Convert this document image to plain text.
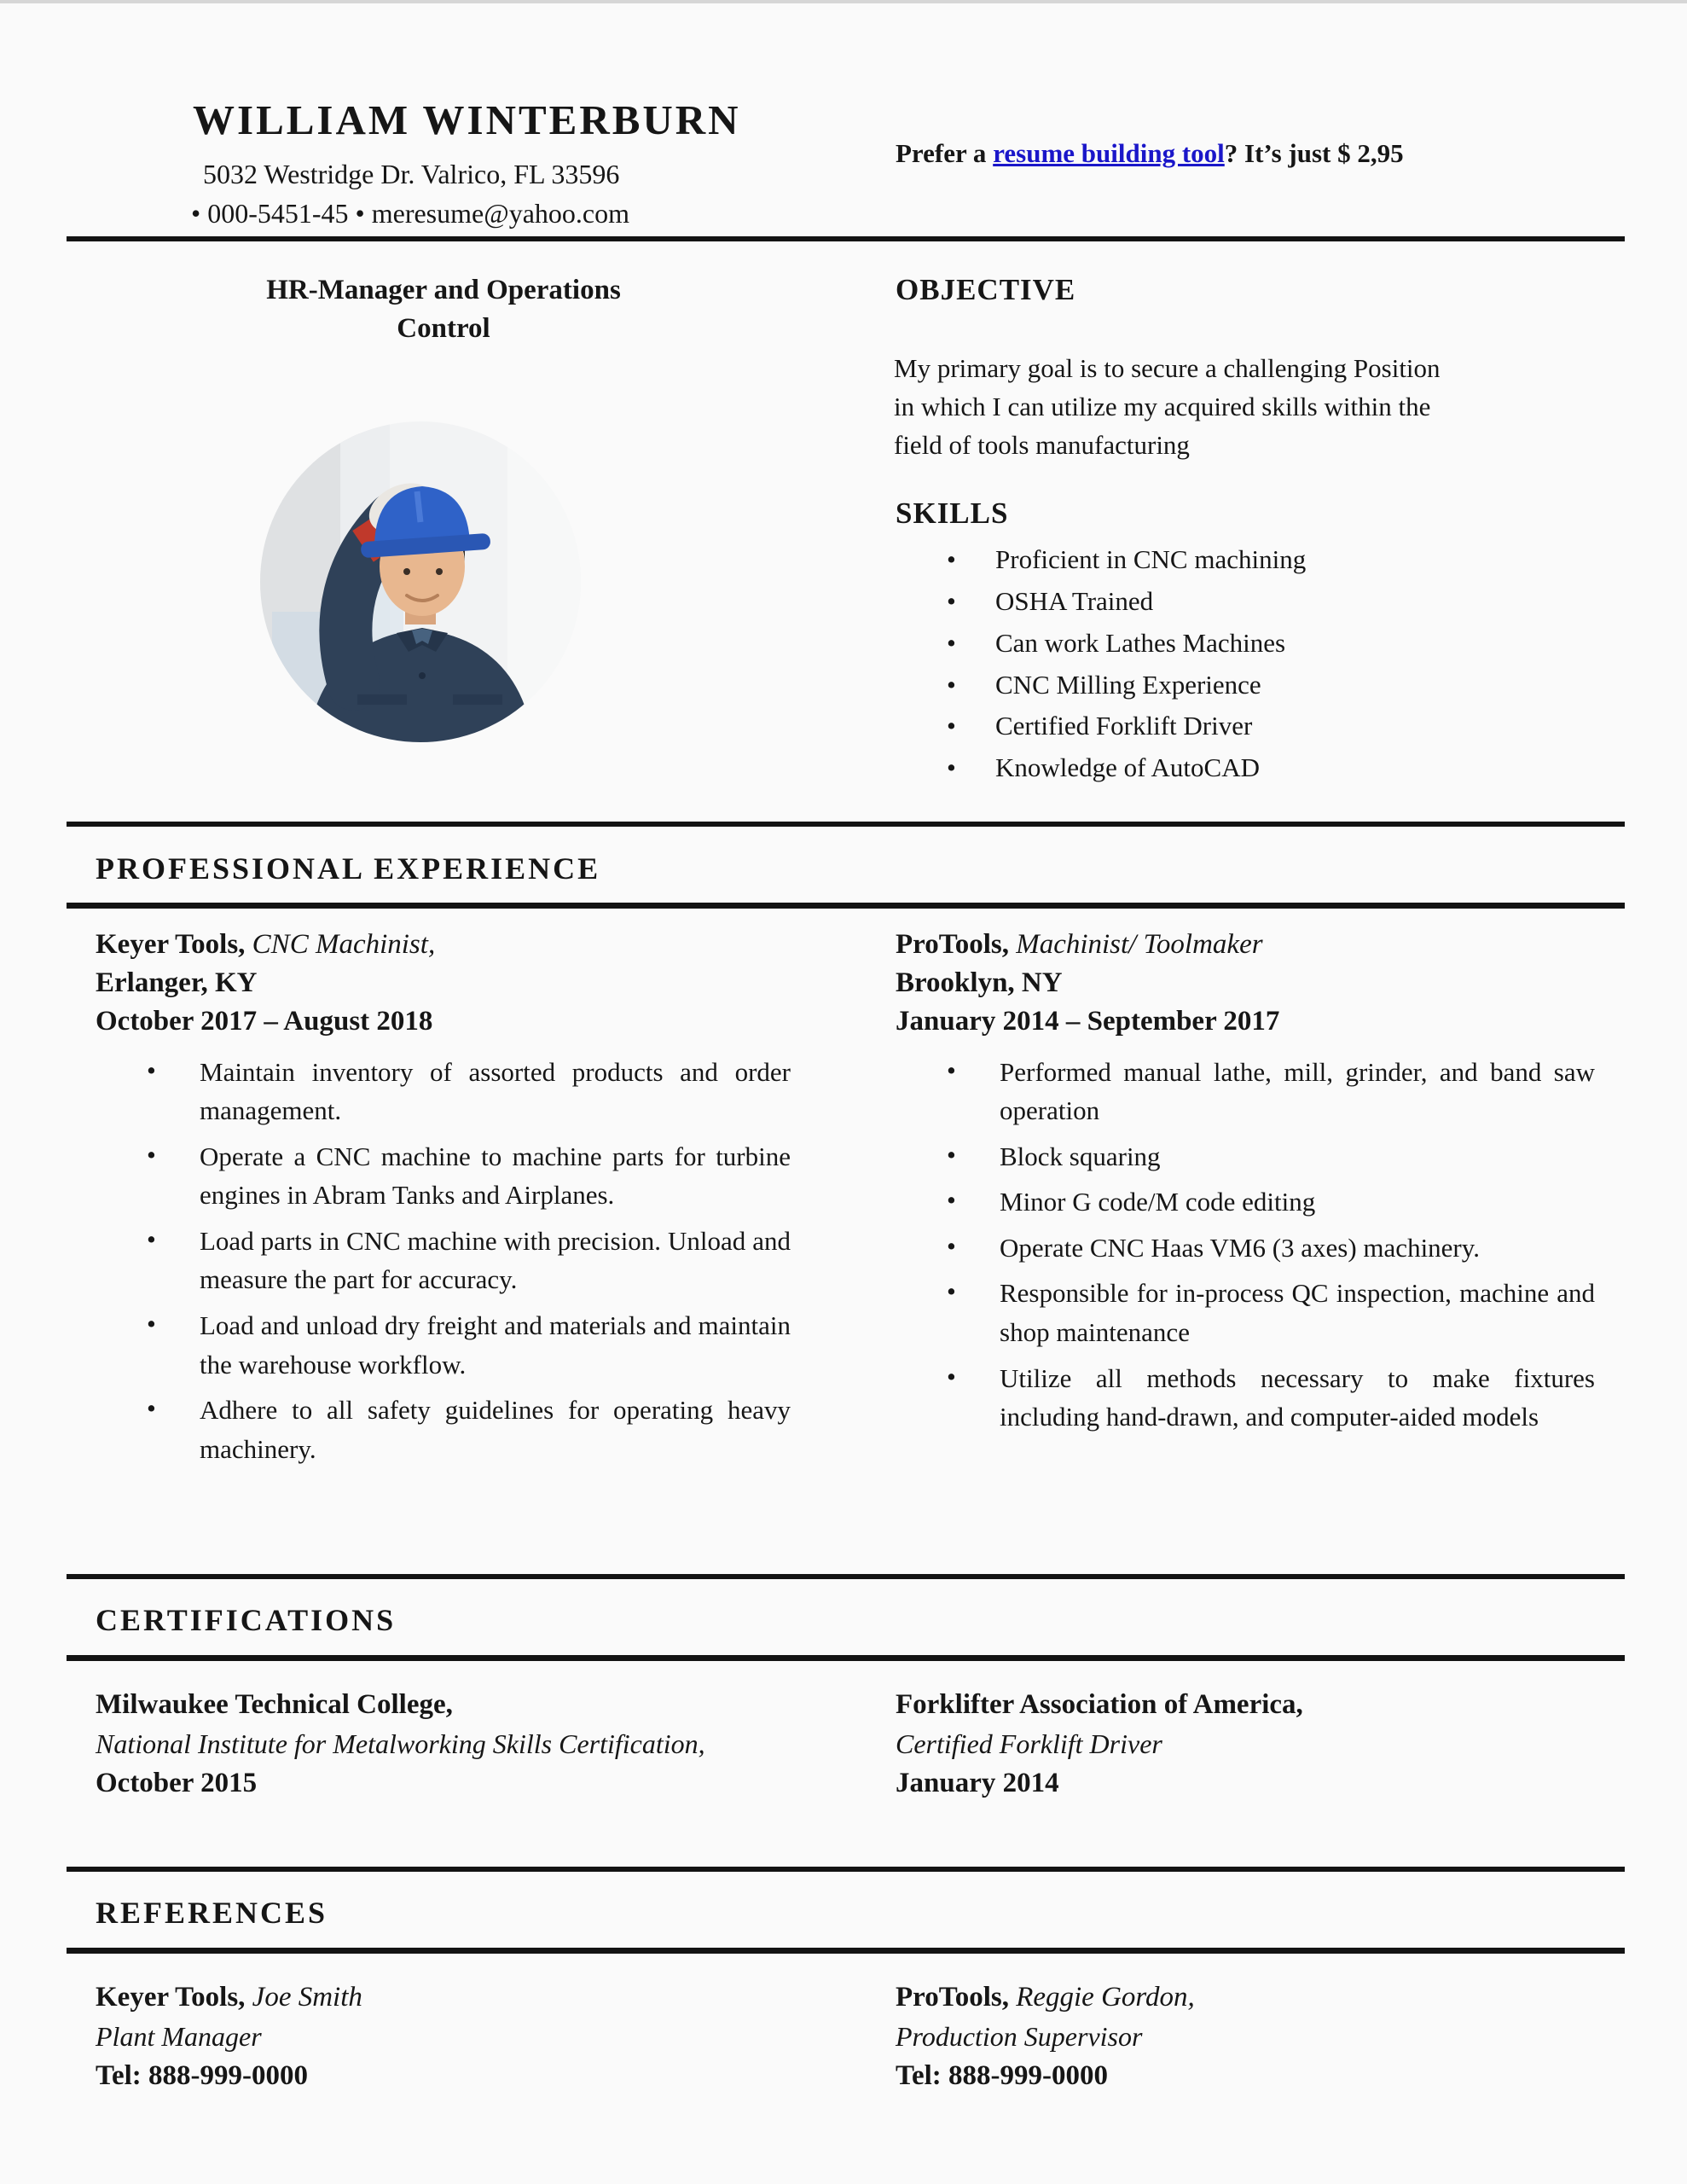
WILLIAM WINTERBURN
5032 Westridge Dr. Valrico, FL 33596
• 000-5451-45 • meresume@yahoo.com
Prefer a resume building tool? It’s just $ 2,95
HR-Manager and Operations
Control
OBJECTIVE
My primary goal is to secure a challenging Position in which I can utilize my acquired skills within the field of tools manufacturing
SKILLS
•	Proficient in CNC machining
•	OSHA Trained
•	Can work Lathes Machines
•	CNC Milling Experience
•	Certified Forklift Driver
•	Knowledge of AutoCAD
PROFESSIONAL EXPERIENCE
Keyer Tools, CNC Machinist,
Erlanger, KY
October 2017 – August 2018
•	Maintain inventory of assorted products and order management.
•	Operate a CNC machine to machine parts for turbine engines in Abram Tanks and Airplanes.
•	Load parts in CNC machine with precision. Unload and measure the part for accuracy.
•	Load and unload dry freight and materials and maintain the warehouse workflow.
•	Adhere to all safety guidelines for operating heavy machinery.
ProTools, Machinist/ Toolmaker
Brooklyn, NY
January 2014 – September 2017
•	Performed manual lathe, mill, grinder, and band saw operation
•	Block squaring
•	Minor G code/M code editing
•	Operate CNC Haas VM6 (3 axes) machinery.
•	Responsible for in-process QC inspection, machine and shop maintenance
•	Utilize all methods necessary to make fixtures including hand-drawn, and computer-aided models
CERTIFICATIONS
Milwaukee Technical College,
National Institute for Metalworking Skills Certification,
October 2015
Forklifter Association of America,
Certified Forklift Driver
January 2014
REFERENCES
Keyer Tools, Joe Smith
Plant Manager
Tel: 888-999-0000
ProTools, Reggie Gordon,
Production Supervisor
Tel: 888-999-0000
